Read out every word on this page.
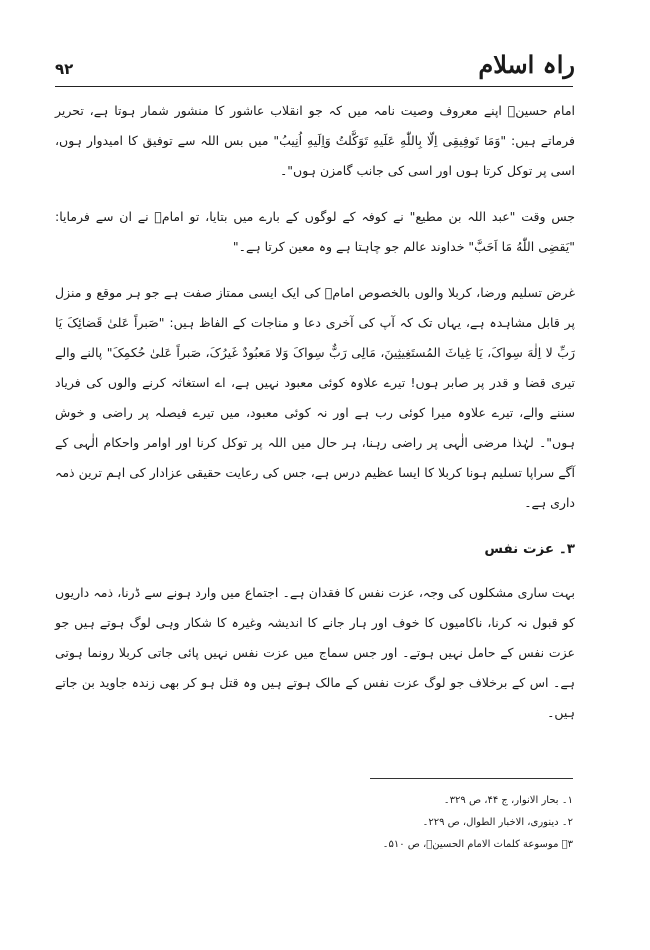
۹۲	راہ اسلام

امام حسینؑ اپنے معروف وصیت نامہ میں کہ جو انقلاب عاشور کا منشور شمار ہوتا ہے، تحریر فرماتے ہیں: "وَمَا تَوفِیقِی اِلّا بِاللّٰهِ عَلَیهِ تَوَکَّلتُ وَاِلَیهِ اُنِیبُ" میں بس اللہ سے توفیق کا امیدوار ہوں، اسی پر توکل کرتا ہوں اور اسی کی جانب گامزن ہوں"۔

جس وقت "عبد اللہ بن مطیع" نے کوفہ کے لوگوں کے بارے میں بتایا، تو امامؑ نے ان سے فرمایا: "یَقضِی اللّٰهُ مَا اَحَبَّ" خداوند عالم جو چاہتا ہے وہ معین کرتا ہے۔"

غرض تسلیم ورضا، کربلا والوں بالخصوص امامؑ کی ایک ایسی ممتاز صفت ہے جو ہر موقع و منزل پر قابل مشاہدہ ہے، یہاں تک کہ آپ کی آخری دعا و مناجات کے الفاظ ہیں: "صَبراً عَلیٰ قَضائِکَ یَا رَبِّ لا اِلٰهَ سِواکَ، یَا غِیاثَ المُستَغِیثِینَ، مَالِی رَبٌّ سِواکَ وَلا مَعبُودٌ غَیرُکَ، صَبراً عَلیٰ حُکمِکَ" پالنے والے تیری قضا و قدر پر صابر ہوں! تیرے علاوہ کوئی معبود نہیں ہے، اے استغاثہ کرنے والوں کی فریاد سننے والے، تیرے علاوہ میرا کوئی رب ہے اور نہ کوئی معبود، میں تیرے فیصلہ پر راضی و خوش ہوں"۔ لہٰذا مرضی الٰہی پر راضی رہنا، ہر حال میں اللہ پر توکل کرنا اور اوامر واحکام الٰہی کے آگے سراپا تسلیم ہونا کربلا کا ایسا عظیم درس ہے، جس کی رعایت حقیقی عزادار کی اہم ترین ذمہ داری ہے۔

۳۔ عزت نفس

بہت ساری مشکلوں کی وجہ، عزت نفس کا فقدان ہے۔ اجتماع میں وارد ہونے سے ڈرنا، ذمہ داریوں کو قبول نہ کرنا، ناکامیوں کا خوف اور ہار جانے کا اندیشہ وغیرہ کا شکار وہی لوگ ہوتے ہیں جو عزت نفس کے حامل نہیں ہوتے۔ اور جس سماج میں عزت نفس نہیں پائی جاتی کربلا رونما ہوتی ہے۔ اس کے برخلاف جو لوگ عزت نفس کے مالک ہوتے ہیں وہ قتل ہو کر بھی زندہ جاوید بن جاتے ہیں۔

۱۔ بحار الانوار، ج ۴۴، ص ۳۲۹۔

۲۔ دینوری، الاخبار الطوال، ص ۲۲۹۔

۳۔ موسوعة کلمات الامام الحسینؑ، ص ۵۱۰۔
